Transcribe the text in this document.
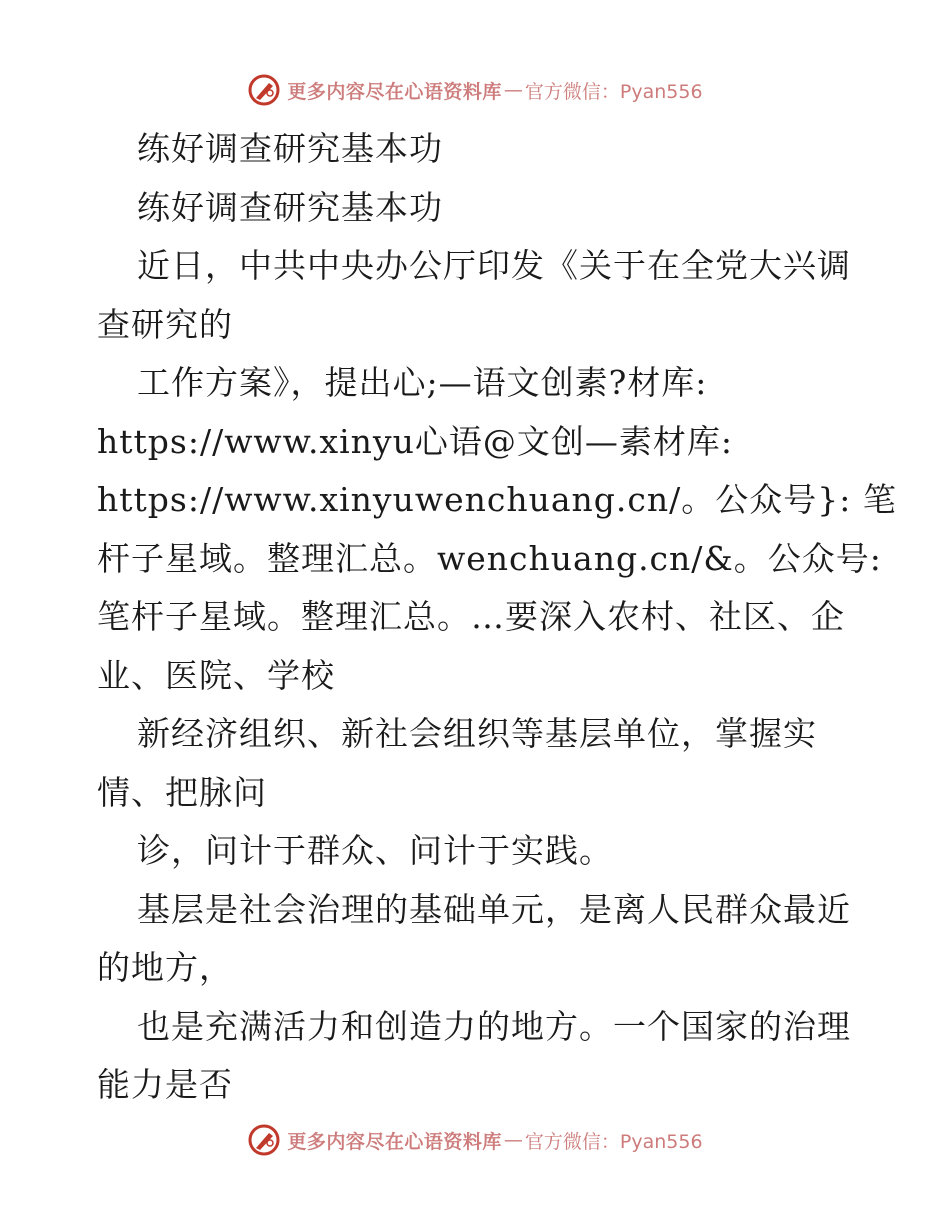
更多内容尽在心语资料库 — 官方微信：Pyan556
练好调查研究基本功
练好调查研究基本功
近日，中共中央办公厅印发《关于在全党大兴调
查研究的
工作方案》，提出心;—语文创素?材库:
https://www.xinyu心语@文创—素材库:
https://www.xinyuwenchuang.cn/。公众号}: 笔
杆子星域。整理汇总。wenchuang.cn/&。公众号:
笔杆子星域。整理汇总。…要深入农村、社区、企
业、医院、学校
新经济组织、新社会组织等基层单位，掌握实
情、把脉问
诊，问计于群众、问计于实践。
基层是社会治理的基础单元，是离人民群众最近
的地方，
也是充满活力和创造力的地方。一个国家的治理
能力是否
更多内容尽在心语资料库 — 官方微信：Pyan556
